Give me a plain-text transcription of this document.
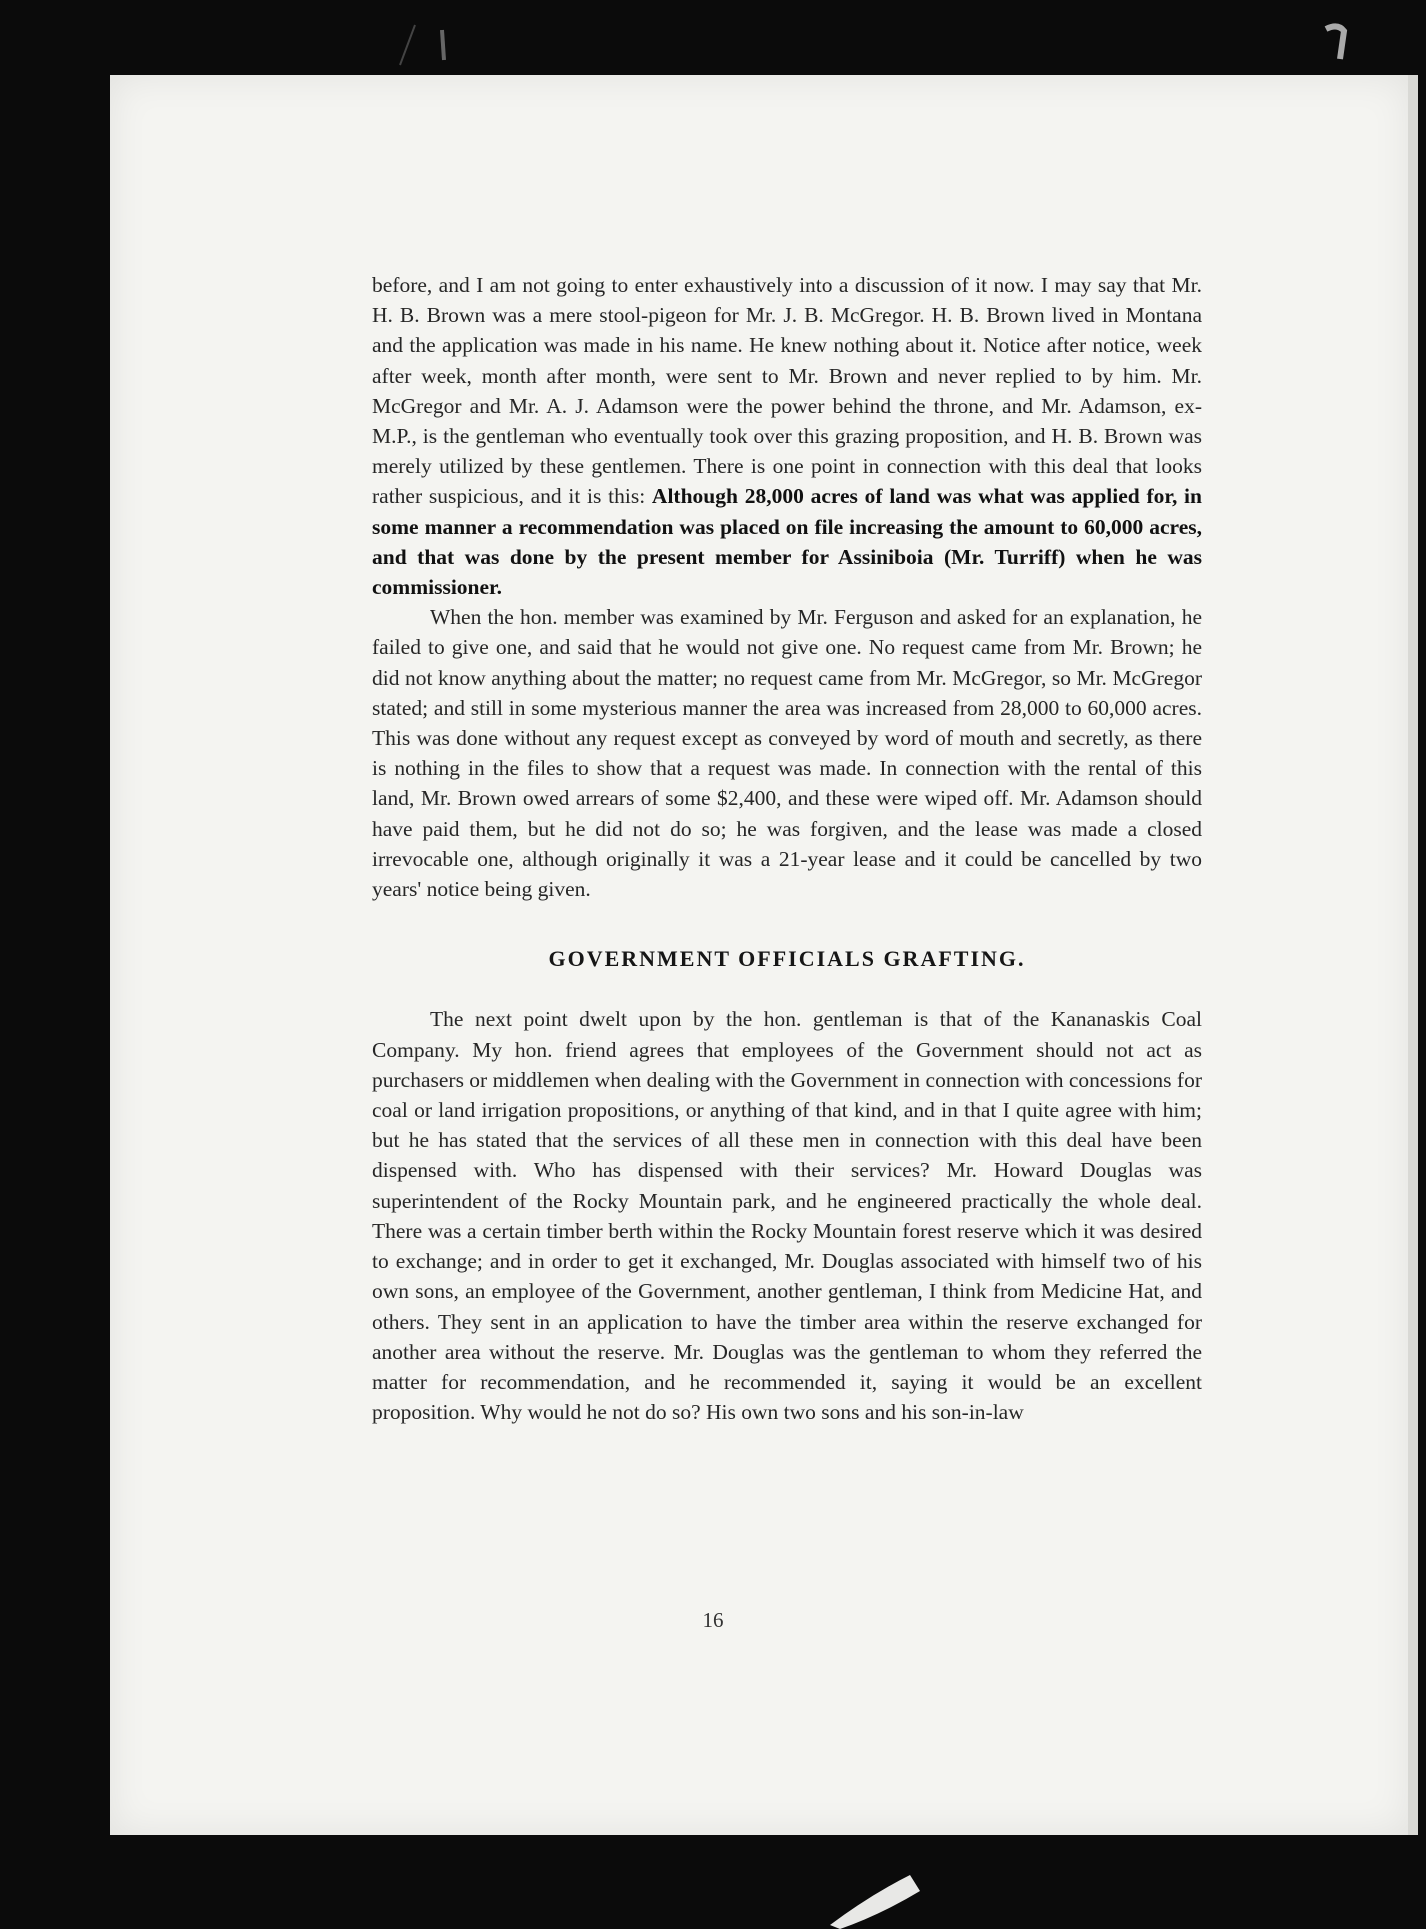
before, and I am not going to enter exhaustively into a discussion of it now. I may say that Mr. H. B. Brown was a mere stool-pigeon for Mr. J. B. McGregor. H. B. Brown lived in Montana and the application was made in his name. He knew nothing about it. Notice after notice, week after week, month after month, were sent to Mr. Brown and never replied to by him. Mr. McGregor and Mr. A. J. Adamson were the power behind the throne, and Mr. Adamson, ex-M.P., is the gentleman who eventually took over this grazing proposition, and H. B. Brown was merely utilized by these gentlemen. There is one point in connection with this deal that looks rather suspicious, and it is this: Although 28,000 acres of land was what was applied for, in some manner a recommendation was placed on file increasing the amount to 60,000 acres, and that was done by the present member for Assiniboia (Mr. Turriff) when he was commissioner.

When the hon. member was examined by Mr. Ferguson and asked for an explanation, he failed to give one, and said that he would not give one. No request came from Mr. Brown; he did not know anything about the matter; no request came from Mr. McGregor, so Mr. McGregor stated; and still in some mysterious manner the area was increased from 28,000 to 60,000 acres. This was done without any request except as conveyed by word of mouth and secretly, as there is nothing in the files to show that a request was made. In connection with the rental of this land, Mr. Brown owed arrears of some $2,400, and these were wiped off. Mr. Adamson should have paid them, but he did not do so; he was forgiven, and the lease was made a closed irrevocable one, although originally it was a 21-year lease and it could be cancelled by two years' notice being given.

GOVERNMENT OFFICIALS GRAFTING.

The next point dwelt upon by the hon. gentleman is that of the Kananaskis Coal Company. My hon. friend agrees that employees of the Government should not act as purchasers or middlemen when dealing with the Government in connection with concessions for coal or land irrigation propositions, or anything of that kind, and in that I quite agree with him; but he has stated that the services of all these men in connection with this deal have been dispensed with. Who has dispensed with their services? Mr. Howard Douglas was superintendent of the Rocky Mountain park, and he engineered practically the whole deal. There was a certain timber berth within the Rocky Mountain forest reserve which it was desired to exchange; and in order to get it exchanged, Mr. Douglas associated with himself two of his own sons, an employee of the Government, another gentleman, I think from Medicine Hat, and others. They sent in an application to have the timber area within the reserve exchanged for another area without the reserve. Mr. Douglas was the gentleman to whom they referred the matter for recommendation, and he recommended it, saying it would be an excellent proposition. Why would he not do so? His own two sons and his son-in-law

16
